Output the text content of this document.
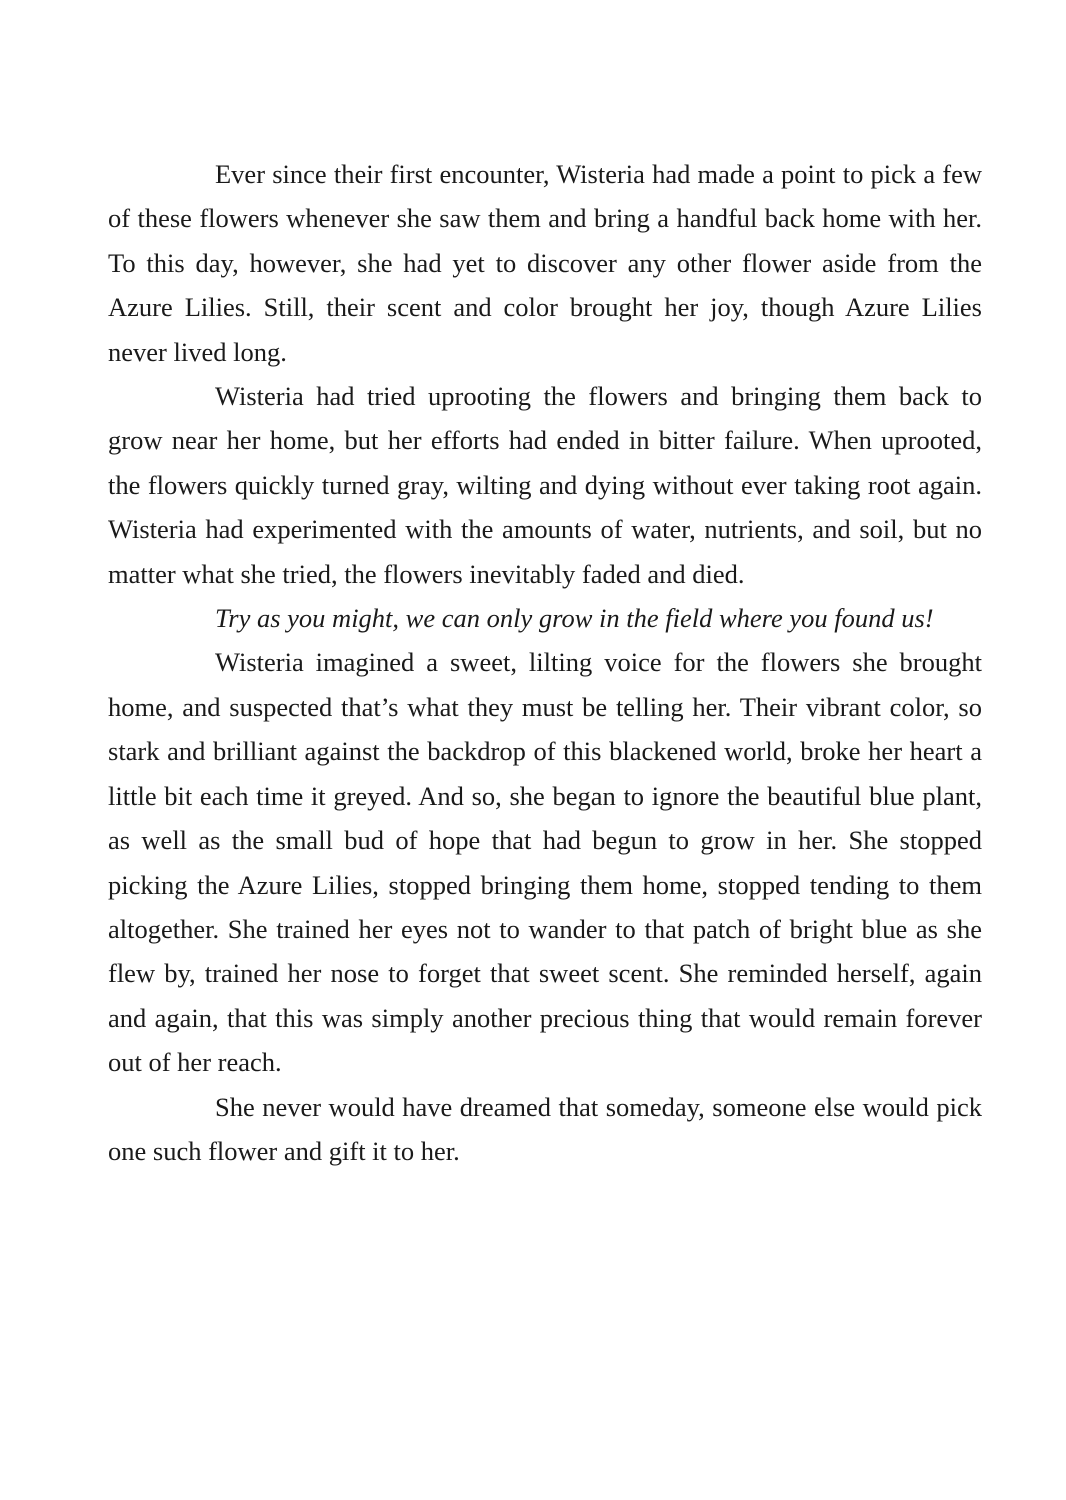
Ever since their first encounter, Wisteria had made a point to pick a few of these flowers whenever she saw them and bring a handful back home with her. To this day, however, she had yet to discover any other flower aside from the Azure Lilies. Still, their scent and color brought her joy, though Azure Lilies never lived long.

Wisteria had tried uprooting the flowers and bringing them back to grow near her home, but her efforts had ended in bitter failure. When uprooted, the flowers quickly turned gray, wilting and dying without ever taking root again. Wisteria had experimented with the amounts of water, nutrients, and soil, but no matter what she tried, the flowers inevitably faded and died.

Try as you might, we can only grow in the field where you found us!

Wisteria imagined a sweet, lilting voice for the flowers she brought home, and suspected that’s what they must be telling her. Their vibrant color, so stark and brilliant against the backdrop of this blackened world, broke her heart a little bit each time it greyed. And so, she began to ignore the beautiful blue plant, as well as the small bud of hope that had begun to grow in her. She stopped picking the Azure Lilies, stopped bringing them home, stopped tending to them altogether. She trained her eyes not to wander to that patch of bright blue as she flew by, trained her nose to forget that sweet scent. She reminded herself, again and again, that this was simply another precious thing that would remain forever out of her reach.

She never would have dreamed that someday, someone else would pick one such flower and gift it to her.
